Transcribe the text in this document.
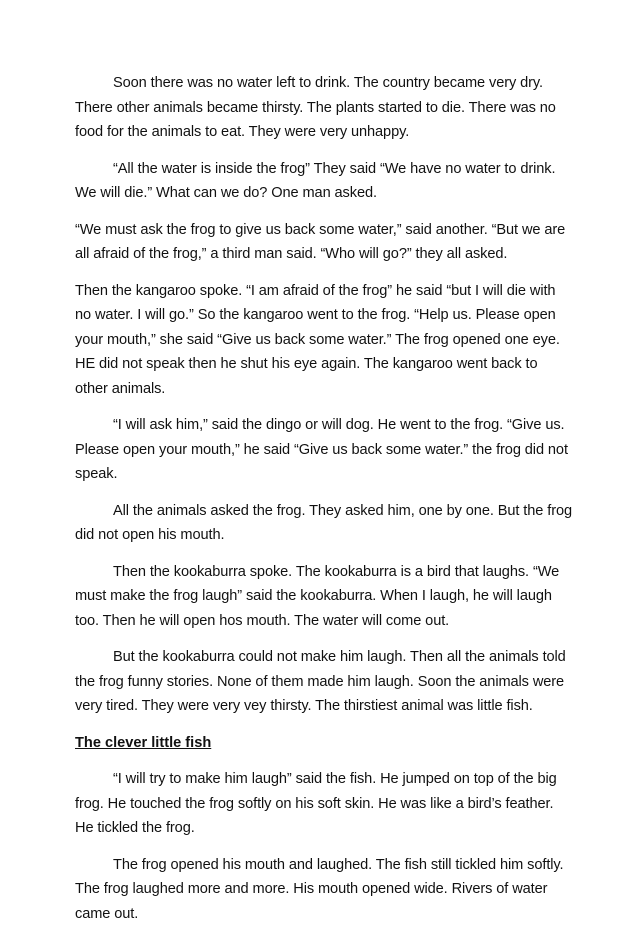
Soon there was no water left to drink. The country became very dry. There other animals became thirsty. The plants started to die. There was no food for the animals to eat. They were very unhappy.

“All the water is inside the frog” They said “We have no water to drink. We will die.” What can we do? One man asked.

“We must ask the frog to give us back some water,” said another. “But we are all afraid of the frog,” a third man said. “Who will go?” they all asked.

Then the kangaroo spoke. “I am afraid of the frog” he said “but I will die with no water. I will go.” So the kangaroo went to the frog. “Help us. Please open your mouth,” she said “Give us back some water.” The frog opened one eye. HE did not speak then he shut his eye again. The kangaroo went back to other animals.

“I will ask him,” said the dingo or will dog. He went to the frog. “Give us. Please open your mouth,” he said “Give us back some water.” the frog did not speak.

All the animals asked the frog. They asked him, one by one. But the frog did not open his mouth.

Then the kookaburra spoke. The kookaburra is a bird that laughs. “We must make the frog laugh” said the kookaburra. When I laugh, he will laugh too. Then he will open hos mouth. The water will come out.

But the kookaburra could not make him laugh. Then all the animals told the frog funny stories. None of them made him laugh. Soon the animals were very tired. They were very vey thirsty. The thirstiest animal was little fish.

The clever little fish

“I will try to make him laugh” said the fish. He jumped on top of the big frog. He touched the frog softly on his soft skin. He was like a bird’s feather. He tickled the frog.

The frog opened his mouth and laughed. The fish still tickled him softly. The frog laughed more and more. His mouth opened wide. Rivers of water came out.
